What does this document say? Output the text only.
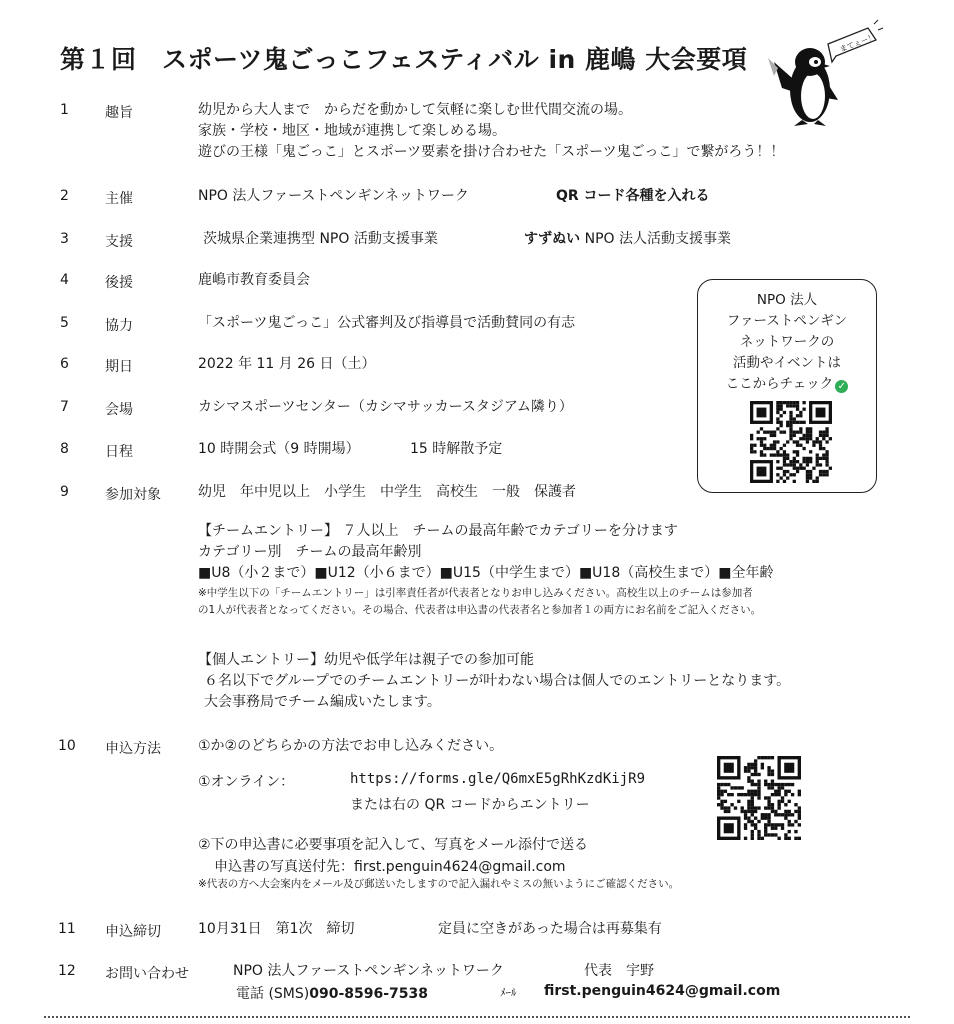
第１回　スポーツ鬼ごっこフェスティバル in 鹿嶋 大会要項
まてぇー！
1	趣旨	幼児から大人まで　からだを動かして気軽に楽しむ世代間交流の場。
家族・学校・地区・地域が連携して楽しめる場。
遊びの王様「鬼ごっこ」とスポーツ要素を掛け合わせた「スポーツ鬼ごっこ」で繋がろう！！
2	主催	NPO 法人ファーストペンギンネットワーク	QR コード各種を入れる
3	支援	茨城県企業連携型 NPO 活動支援事業	すずぬい NPO 法人活動支援事業
4	後援	鹿嶋市教育委員会
5	協力	「スポーツ鬼ごっこ」公式審判及び指導員で活動賛同の有志
6	期日	2022 年 11 月 26 日（土）
7	会場	カシマスポーツセンター（カシマサッカースタジアム隣り）
8	日程	10 時開会式（9 時開場）	15 時解散予定
9	参加対象	幼児　年中児以上　小学生　中学生　高校生　一般　保護者
【チームエントリー】 ７人以上　チームの最高年齢でカテゴリーを分けます
カテゴリー別　チームの最高年齢別
■U8（小２まで）■U12（小６まで）■U15（中学生まで）■U18（高校生まで）■全年齢
※中学生以下の「チームエントリー」は引率責任者が代表者となりお申し込みください。高校生以上のチームは参加者
の1人が代表者となってください。その場合、代表者は申込書の代表者名と参加者１の両方にお名前をご記入ください。
【個人エントリー】幼児や低学年は親子での参加可能
６名以下でグループでのチームエントリーが叶わない場合は個人でのエントリーとなります。
大会事務局でチーム編成いたします。
10 申込方法	①か②のどちらかの方法でお申し込みください。
①オンライン：	https://forms.gle/Q6mxE5gRhKzdKijR9
または右の QR コードからエントリー
②下の申込書に必要事項を記入して、写真をメール添付で送る
申込書の写真送付先：first.penguin4624@gmail.com
※代表の方へ大会案内をメール及び郵送いたしますので記入漏れやミスの無いようにご確認ください。
11 申込締切	10月31日　第1次　締切	定員に空きがあった場合は再募集有
12 お問い合わせ	NPO 法人ファーストペンギンネットワーク	代表　宇野
電話 (SMS)090-8596-7538	ﾒｰﾙ first.penguin4624@gmail.com
NPO 法人
ファーストペンギン
ネットワークの
活動やイベントは
ここからチェック ✓
